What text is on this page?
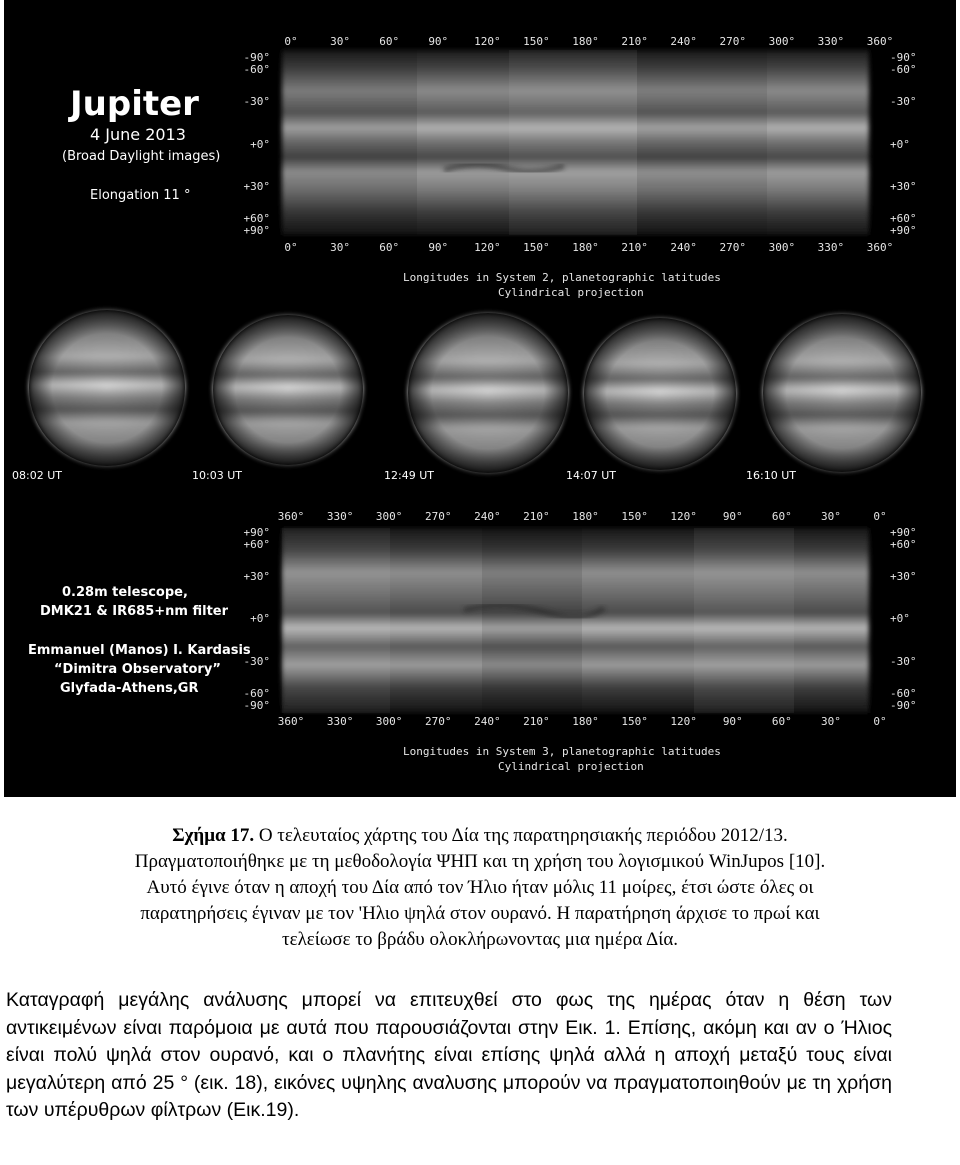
Jupiter
4 June 2013
(Broad Daylight images)
Elongation 11 °
0°	30°	60°	90° 120° 150° 180° 210° 240° 270° 300° 330° 360°
0°	30°	60°	90° 120° 150° 180° 210° 240° 270° 300° 330° 360°
-90°
-60°
-30°
+0°
+30°
+60°
+90°
-90°
-60°
-30°
+0°
+30°
+60°
+90°
Longitudes in System 2, planetographic latitudes
Cylindrical projection
08:02 UT	10:03 UT	12:49 UT	14:07 UT	16:10 UT
0.28m telescope,
DMK21 & IR685+nm filter
Emmanuel (Manos) I. Kardasis
“Dimitra Observatory”
Glyfada-Athens,GR
360° 330° 300° 270° 240° 210° 180° 150° 120° 90°	60°	30°	0°
360° 330° 300° 270° 240° 210° 180° 150° 120° 90°	60°	30°	0°
+90°
+60°
+30°
+0°
-30°
-60°
-90°
+90°
+60°
+30°
+0°
-30°
-60°
-90°
Longitudes in System 3, planetographic latitudes
Cylindrical projection
Σχήμα 17. Ο τελευταίος χάρτης του Δία της παρατηρησιακής περιόδου 2012/13.
Πραγματοποιήθηκε με τη μεθοδολογία ΨΗΠ και τη χρήση του λογισμικού WinJupos [10].
Αυτό έγινε όταν η αποχή του Δία από τον Ήλιο ήταν μόλις 11 μοίρες, έτσι ώστε όλες οι
παρατηρήσεις έγιναν με τον 'Ηλιο ψηλά στον ουρανό. Η παρατήρηση άρχισε το πρωί και
τελείωσε το βράδυ ολοκλήρωνοντας μια ημέρα Δία.
Καταγραφή μεγάλης ανάλυσης μπορεί να επιτευχθεί στο φως της ημέρας όταν η θέση των αντικειμένων είναι παρόμοια με αυτά που παρουσιάζονται στην Εικ. 1. Επίσης, ακόμη και αν ο Ήλιος είναι πολύ ψηλά στον ουρανό, και ο πλανήτης είναι επίσης ψηλά αλλά η αποχή μεταξύ τους είναι μεγαλύτερη από 25 ° (εικ. 18), εικόνες υψηλης αναλυσης μπορούν να πραγματοποιηθούν με τη χρήση των υπέρυθρων φίλτρων (Εικ.19).
